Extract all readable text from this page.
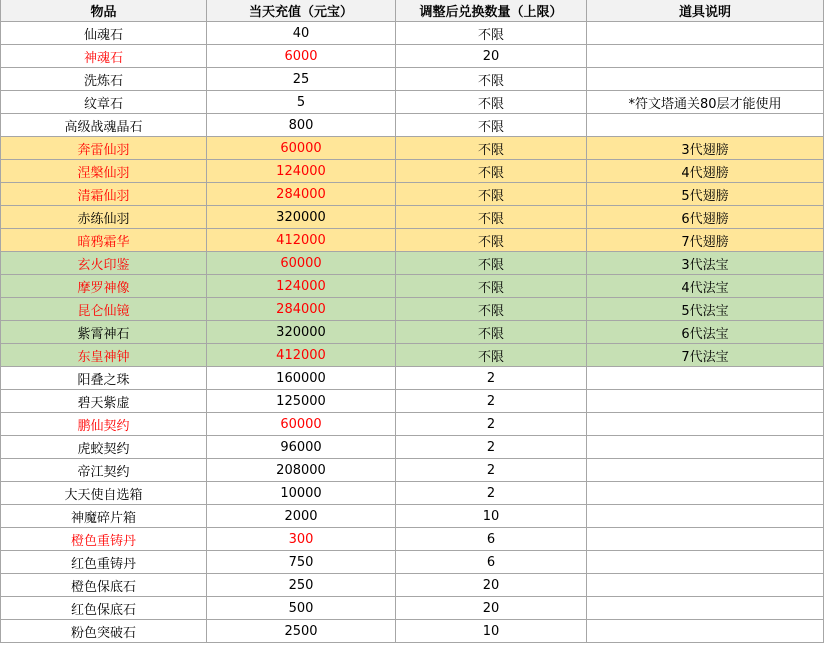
物品	当天充值（元宝）	调整后兑换数量（上限）	道具说明
仙魂石	40	不限
神魂石	6000	20
洗炼石	25	不限
纹章石	5	不限	*符文塔通关80层才能使用
高级战魂晶石	800	不限
奔雷仙羽	60000	不限	3代翅膀
涅槃仙羽	124000	不限	4代翅膀
清霜仙羽	284000	不限	5代翅膀
赤练仙羽	320000	不限	6代翅膀
暗鸦霜华	412000	不限	7代翅膀
玄火印鉴	60000	不限	3代法宝
摩罗神像	124000	不限	4代法宝
昆仑仙镜	284000	不限	5代法宝
紫霄神石	320000	不限	6代法宝
东皇神钟	412000	不限	7代法宝
阳叠之珠	160000	2
碧天紫虚	125000	2
鹏仙契约	60000	2
虎蛟契约	96000	2
帝江契约	208000	2
大天使自选箱	10000	2
神魔碎片箱	2000	10
橙色重铸丹	300	6
红色重铸丹	750	6
橙色保底石	250	20
红色保底石	500	20
粉色突破石	2500	10
